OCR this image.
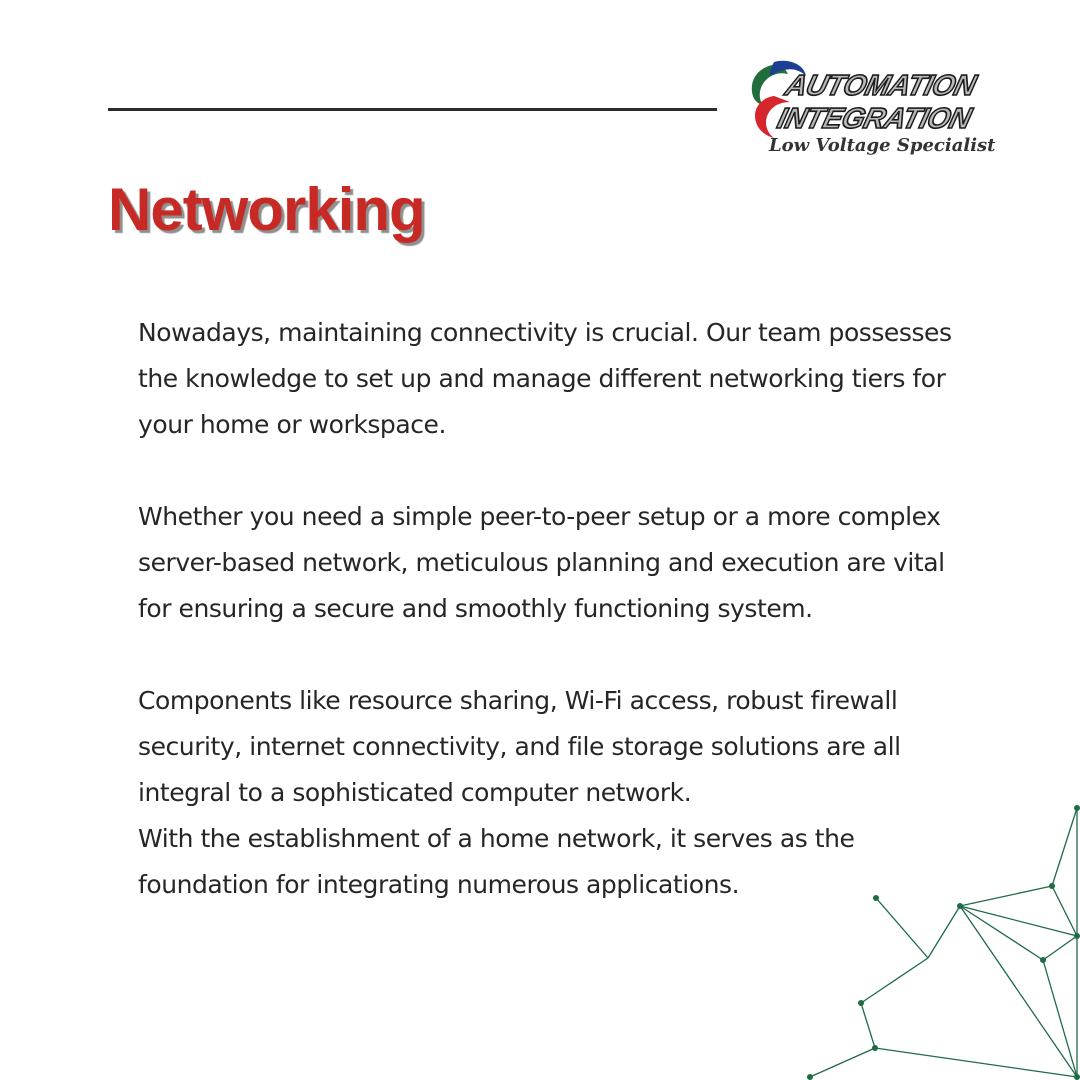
AUTOMATION
INTEGRATION
Low Voltage Specialist
Networking

Nowadays, maintaining connectivity is crucial. Our team possesses
the knowledge to set up and manage different networking tiers for
your home or workspace.

Whether you need a simple peer-to-peer setup or a more complex
server-based network, meticulous planning and execution are vital
for ensuring a secure and smoothly functioning system.

Components like resource sharing, Wi-Fi access, robust firewall
security, internet connectivity, and file storage solutions are all
integral to a sophisticated computer network.

With the establishment of a home network, it serves as the
foundation for integrating numerous applications.
